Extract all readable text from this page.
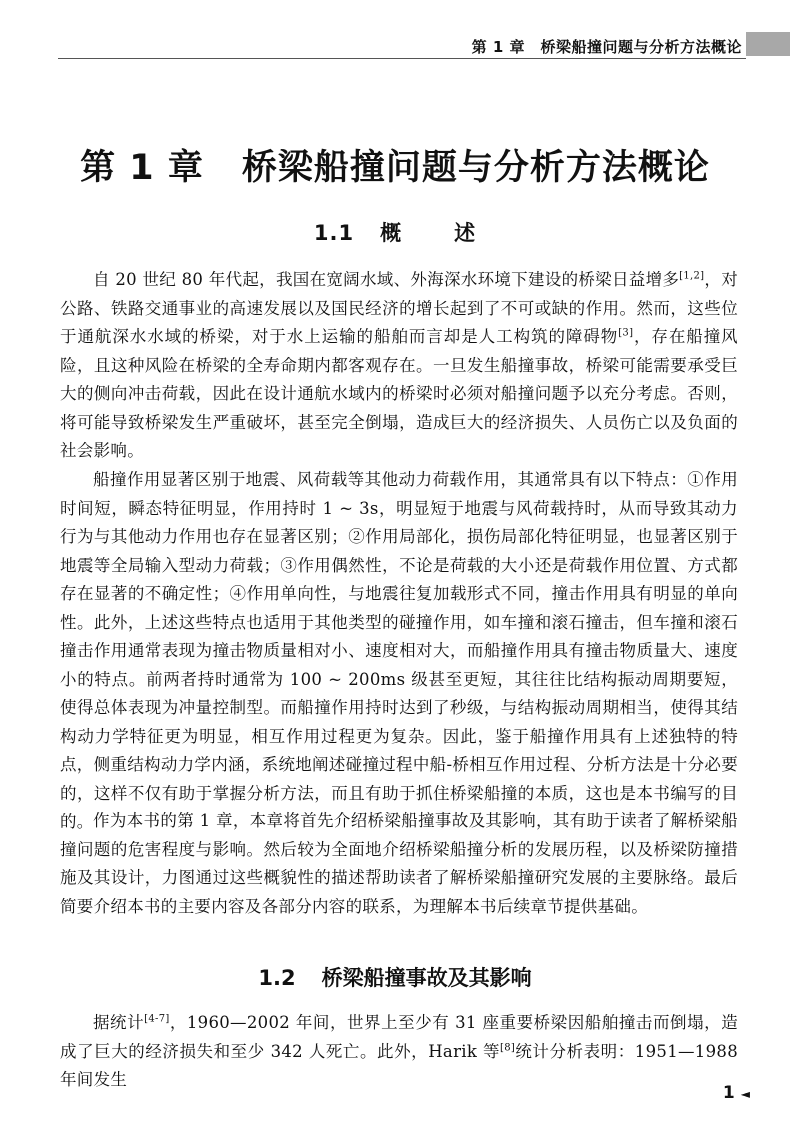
第 1 章　桥梁船撞问题与分析方法概论
第 1 章 桥梁船撞问题与分析方法概论
1.1 概 述

自 20 世纪 80 年代起，我国在宽阔水域、外海深水环境下建设的桥梁日益增多[1,2]，对公路、铁路交通事业的高速发展以及国民经济的增长起到了不可或缺的作用。然而，这些位于通航深水水域的桥梁，对于水上运输的船舶而言却是人工构筑的障碍物[3]，存在船撞风险，且这种风险在桥梁的全寿命期内都客观存在。一旦发生船撞事故，桥梁可能需要承受巨大的侧向冲击荷载，因此在设计通航水域内的桥梁时必须对船撞问题予以充分考虑。否则，将可能导致桥梁发生严重破坏，甚至完全倒塌，造成巨大的经济损失、人员伤亡以及负面的社会影响。

船撞作用显著区别于地震、风荷载等其他动力荷载作用，其通常具有以下特点：①作用时间短，瞬态特征明显，作用持时 1 ~ 3s，明显短于地震与风荷载持时，从而导致其动力行为与其他动力作用也存在显著区别；②作用局部化，损伤局部化特征明显，也显著区别于地震等全局输入型动力荷载；③作用偶然性，不论是荷载的大小还是荷载作用位置、方式都存在显著的不确定性；④作用单向性，与地震往复加载形式不同，撞击作用具有明显的单向性。此外，上述这些特点也适用于其他类型的碰撞作用，如车撞和滚石撞击，但车撞和滚石撞击作用通常表现为撞击物质量相对小、速度相对大，而船撞作用具有撞击物质量大、速度小的特点。前两者持时通常为 100 ~ 200ms 级甚至更短，其往往比结构振动周期要短，使得总体表现为冲量控制型。而船撞作用持时达到了秒级，与结构振动周期相当，使得其结构动力学特征更为明显，相互作用过程更为复杂。因此，鉴于船撞作用具有上述独特的特点，侧重结构动力学内涵，系统地阐述碰撞过程中船-桥相互作用过程、分析方法是十分必要的，这样不仅有助于掌握分析方法，而且有助于抓住桥梁船撞的本质，这也是本书编写的目的。 作为本书的第 1 章，本章将首先介绍桥梁船撞事故及其影响，其有助于读者了解桥梁船撞问题的危害程度与影响。然后较为全面地介绍桥梁船撞分析的发展历程，以及桥梁防撞措施及其设计，力图通过这些概貌性的描述帮助读者了解桥梁船撞研究发展的主要脉络。最后简要介绍本书的主要内容及各部分内容的联系，为理解本书后续章节提供基础。

1.2 桥梁船撞事故及其影响

据统计[4-7]，1960—2002 年间，世界上至少有 31 座重要桥梁因船舶撞击而倒塌，造成了巨大的经济损失和至少 342 人死亡。此外，Harik 等[8]统计分析表明：1951—1988 年间发生

1 ◄
